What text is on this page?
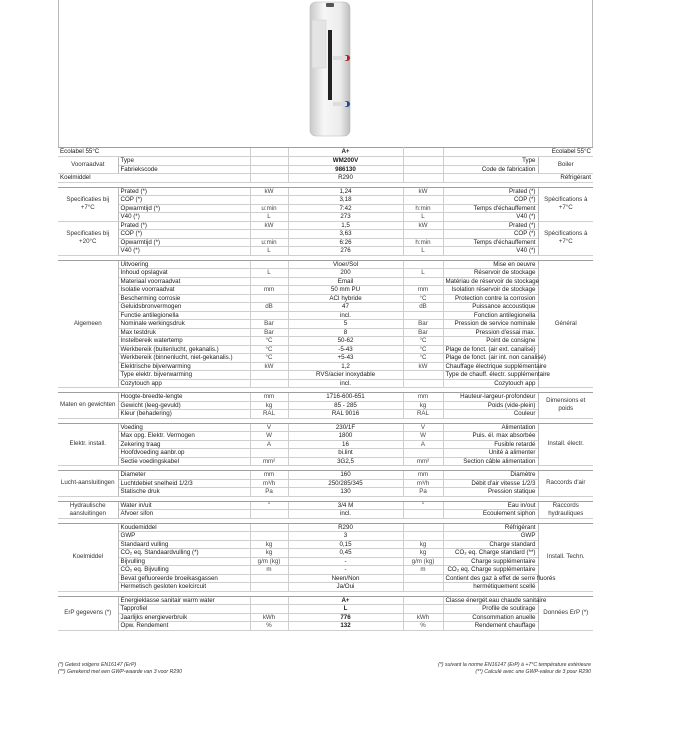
Ecolabel 55°C			A+		Ecolabel 55°C	
Voorraadvat	Type		WM200V		Type	Boiler
	Fabriekscode		986130		Code de fabrication	
Koelmiddel			R290		Réfrigérant	

Specificaties bij +7°C	Prated (*)	kW	1,24	kW	Prated (*)	Spécifications à +7°C
	COP (*)		3,18		COP (*)	
	Opwarmtijd (*)	u:min	7:42	h:min	Temps d'échauffement	
	V40 (*)	L	273	L	V40 (*)	
Specificaties bij +20°C	Prated (*)	kW	1,5	kW	Prated (*)	Spécifications à +7°C
	COP (*)		3,63		COP (*)	
	Opwarmtijd (*)	u:min	6:26	h:min	Temps d'échauffement	
	V40 (*)	L	276	L	V40 (*)	

Algemeen	Uitvoering		Vloer/Sol		Mise en oeuvre	Général
	Inhoud opslagvat	L	200	L	Réservoir de stockage	
	Materiaal voorraadvat		Email		Matériau de réservoir de stockage	
	Isolatie voorraadvat	mm	50 mm PU	mm	Isolation réservoir de stockage	
	Bescherming corrosie		ACI hybride	°C	Protection contre la corrosion	
	Geluidsbronvermogen	dB	47	dB	Puissance accoustique	
	Functie antilegionella		incl.		Fonction antilegionella	
	Nominale werkingsdruk	Bar	5	Bar	Pression de service nominale	
	Max testdruk	Bar	8	Bar	Pression d'essai max.	
	Instelbereik watertemp	°C	50-62	°C	Point de consigne	
	Werkbereik (buitenlucht, gekanalis.)	°C	-5-43	°C	Plage de fonct. (air ext. canalisé)	
	Werkbereik (binnenlucht, niet-gekanalis.)	°C	+5-43	°C	Plage de fonct. (air int. non canalisé)	
	Elektrische bijverwarming	kW	1,2	kW	Chauffage électrique supplémentaire	
	Type elektr. bijverwarming		RVS/acier inoxydable		Type de chauff. électr. supplémentaire	
	Cozytouch app		incl.		Cozytouch app	

Maten en gewichten	Hoogte-breedte-lengte	mm	1716-600-651	mm	Hauteur-largeur-profondeur	Dimensions et poids
	Gewicht (leeg-gevuld)	kg	85 - 285	kg	Poids (vide-plein)	
	Kleur (behadering)	RAL	RAL 9016	RAL	Couleur	

Elektr. install.	Voeding	V	230/1F	V	Alimentation	Install. électr.
	Max opg. Elektr. Vermogen	W	1800	W	Puis. él. max absorbée	
	Zekering traag	A	16	A	Fusible retardé	
	Hoofdvoeding aanbr.op		bi.lint		Unité à alimenter	
	Sectie voedingskabel	mm²	3G2,5	mm²	Section câble alimentation	

Lucht-aansluitingen	Diameter	mm	160	mm	Diamètre	Raccords d'air
	Luchtdebiet snelheid 1/2/3	m³/h	250/285/345	m³/h	Débit d'air vitesse 1/2/3	
	Statische druk	Pa	130	Pa	Pression statique	

Hydraulische aansluitingen	Water in/uit	"	3/4 M	"	Eau in/out	Raccords hydrauliques
	Afvoer sifon		incl.		Ecoulement siphon	

Koelmiddel	Koudemiddel		R290		Réfrigérant	Install. Techn.
	GWP		3		GWP	
	Standaard vulling	kg	0,15	kg	Charge standard	
	CO₂ eq. Standaardvulling (*)	kg	0,45	kg	CO₂ eq. Charge standard (**)	
	Bijvulling	g/m (kg)	-	g/m (kg)	Charge supplémentaire	
	CO₂ eq. Bijvulling	m	-	m	CO₂ eq. Charge supplémentaire	
	Bevat gefluoreerde broeikasgassen		Neen/Non		Contient des gaz à effet de serre fluorés	
	Hermetisch gesloten koelcircuit		Ja/Oui		hermétiquement scellé	

ErP gegevens (*)	Energieklasse sanitair warm water		A+		Classe énergét.eau chaude sanitaire	Données ErP (*)
	Tapprofiel		L		Profile de soutirage	
	Jaarlijks energieverbruik	kWh	776	kWh	Consommation anuelle	
	Opw. Rendement	%	132	%	Rendement chauffage	
(*) Getest volgens EN16147 (ErP)
(**) Gerekend met een GWP-waarde van 3 voor R290
(*) suivant la norme EN16147 (ErP) à +7°C température extérieure
(**) Calculé avec une GWP-valeur de 3 pour R290
